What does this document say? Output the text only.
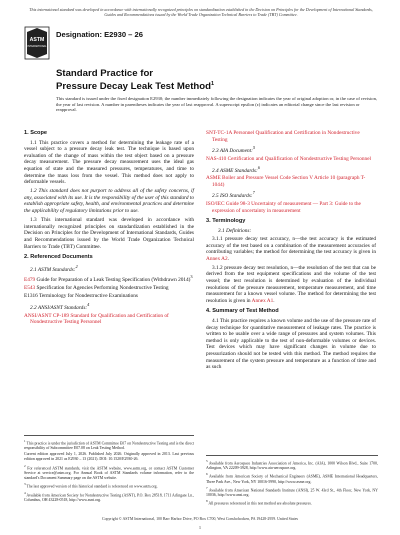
This international standard was developed in accordance with internationally recognized principles on standardization established in the Decision on Principles for the Development of International Standards, Guides and Recommendations issued by the World Trade Organization Technical Barriers to Trade (TBT) Committee.
ASTM
INTERNATIONAL
Designation: E2930 – 26
Standard Practice for
Pressure Decay Leak Test Method$^1$
This standard is issued under the fixed designation E2930; the number immediately following the designation indicates the year of original adoption or, in the case of revision, the year of last revision. A number in parentheses indicates the year of last reapproval. A superscript epsilon (ε) indicates an editorial change since the last revision or reapproval.
1. Scope

1.1 This practice covers a method for determining the leakage rate of a vessel subject to a pressure decay leak test. The technique is based upon evaluation of the change of mass within the test object based on a pressure decay measurement. The pressure decay measurement uses the ideal gas equation of state and the measured pressures, temperatures, and time to determine the mass loss from the vessel. This method does not apply to deformable vessels.

1.2 This standard does not purport to address all of the safety concerns, if any, associated with its use. It is the responsibility of the user of this standard to establish appropriate safety, health, and environmental practices and determine the applicability of regulatory limitations prior to use.

1.3 This international standard was developed in accordance with internationally recognized principles on standardization established in the Decision on Principles for the Development of International Standards, Guides and Recommendations issued by the World Trade Organization Technical Barriers to Trade (TBT) Committee.

2. Referenced Documents
2.1 ASTM Standards:$^2$
E479 Guide for Preparation of a Leak Testing Specification (Withdrawn 2014)$^3$
E543 Specification for Agencies Performing Nondestructive Testing
E1316 Terminology for Nondestructive Examinations
2.2 ANSI/ASNT Standards:$^4$
ANSI/ASNT CP-189 Standard for Qualification and Certification of Nondestructive Testing Personnel
SNT-TC-1A Personnel Qualification and Certification in Nondestructive Testing
2.3 AIA Document:$^5$
NAS-410 Certification and Qualification of Nondestructive Testing Personnel
2.4 ASME Standards:$^6$
ASME Boiler and Pressure Vessel Code Section V Article 10 (paragraph T-1044)
2.5 ISO Standards:$^7$
ISO/IEC Guide 98-3 Uncertainty of measurement — Part 3: Guide to the expression of uncertainty in measurement
3. Terminology
3.1 Definitions:

3.1.1 pressure decay test accuracy, n—the test accuracy is the estimated accuracy of the test based on a combination of the measurement accuracies of contributing variables; the method for determining the test accuracy is given in Annex A2.

3.1.2 pressure decay test resolution, n—the resolution of the test that can be derived from the test equipment specifications and the volume of the test vessel; the test resolution is determined by evaluation of the individual resolutions of the pressure measurement, temperature measurement, and time measurement for a known vessel volume. The method for determining the test resolution is given in Annex A1.

4. Summary of Test Method

4.1 This practice requires a known volume and the use of the pressure rate of decay technique for quantitative measurement of leakage rates. The practice is written to be usable over a wide range of pressures and system volumes. This method is only applicable to the test of non-deformable volumes or devices. Test devices which may have significant changes in volume due to pressurization should not be tested with this method. The method requires the measurement of the system pressure and temperature as a function of time and as such

$^1$ This practice is under the jurisdiction of ASTM Committee E07 on Nondestructive Testing and is the direct responsibility of Subcommittee E07.08 on Leak Testing Method.
Current edition approved July 1, 2026. Published July 2026. Originally approved in 2013. Last previous edition approved in 2021 as E2930 – 13 (2021). DOI: 10.1520/E2930-26.
$^2$ For referenced ASTM standards, visit the ASTM website, www.astm.org, or contact ASTM Customer Service at service@astm.org. For Annual Book of ASTM Standards volume information, refer to the standard's Document Summary page on the ASTM website.
$^3$ The last approved version of this historical standard is referenced on www.astm.org.
$^4$ Available from American Society for Nondestructive Testing (ASNT), P.O. Box 28518, 1711 Arlingate Ln., Columbus, OH 43228-0518, http://www.asnt.org.
$^5$ Available from Aerospace Industries Association of America, Inc. (AIA), 1000 Wilson Blvd., Suite 1700, Arlington, VA 22209-3928, http://www.aia-aerospace.org.
$^6$ Available from American Society of Mechanical Engineers (ASME), ASME International Headquarters, Three Park Ave., New York, NY 10016-5990, http://www.asme.org.
$^7$ Available from American National Standards Institute (ANSI), 25 W. 43rd St., 4th Floor, New York, NY 10036, http://www.ansi.org.
$^8$ All pressures referenced in this test method are absolute pressures.
Copyright © ASTM International, 100 Barr Harbor Drive, PO Box C700, West Conshohocken, PA 19428-2959. United States
1
